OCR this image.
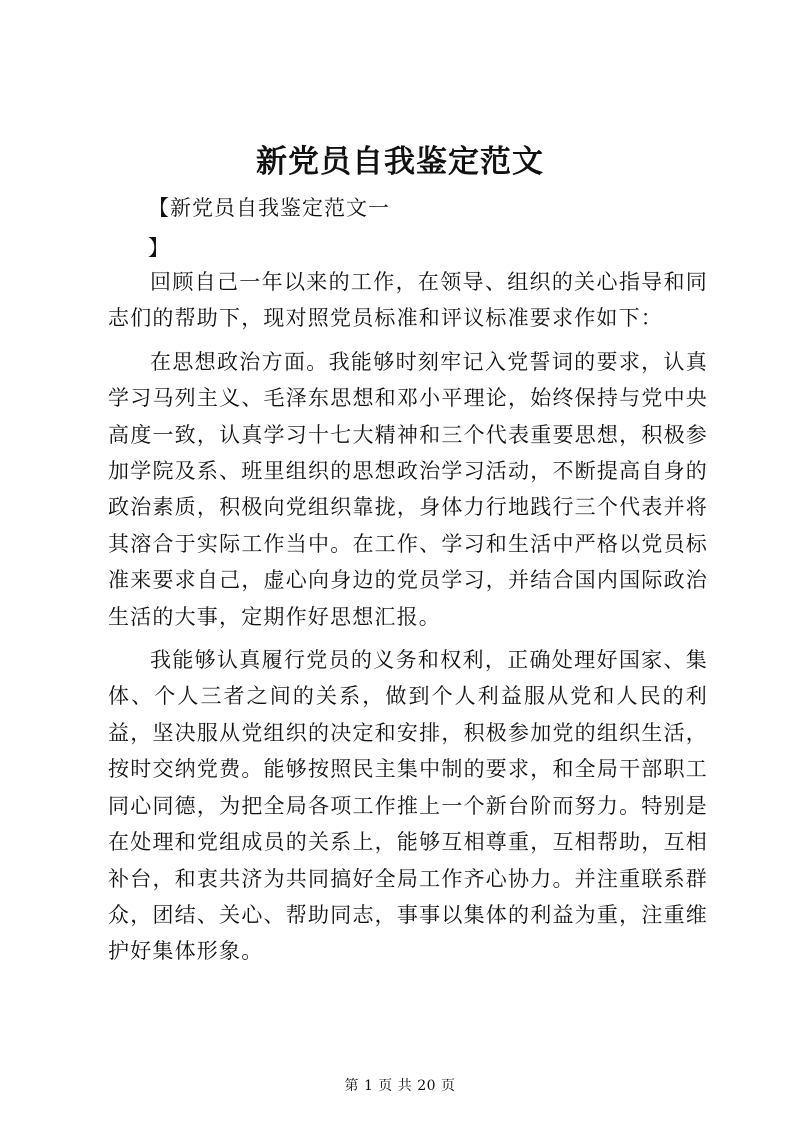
新党员自我鉴定范文
【新党员自我鉴定范文一
】

回顾自己一年以来的工作，在领导、组织的关心指导和同志们的帮助下，现对照党员标准和评议标准要求作如下：

在思想政治方面。我能够时刻牢记入党誓词的要求，认真学习马列主义、毛泽东思想和邓小平理论，始终保持与党中央高度一致，认真学习十七大精神和三个代表重要思想，积极参加学院及系、班里组织的思想政治学习活动，不断提高自身的政治素质，积极向党组织靠拢，身体力行地践行三个代表并将其溶合于实际工作当中。在工作、学习和生活中严格以党员标准来要求自己，虚心向身边的党员学习，并结合国内国际政治生活的大事，定期作好思想汇报。

我能够认真履行党员的义务和权利，正确处理好国家、集体、个人三者之间的关系，做到个人利益服从党和人民的利益，坚决服从党组织的决定和安排，积极参加党的组织生活，按时交纳党费。能够按照民主集中制的要求，和全局干部职工同心同德，为把全局各项工作推上一个新台阶而努力。特别是在处理和党组成员的关系上，能够互相尊重，互相帮助，互相补台，和衷共济为共同搞好全局工作齐心协力。并注重联系群众，团结、关心、帮助同志，事事以集体的利益为重，注重维护好集体形象。

第 1 页 共 20 页
